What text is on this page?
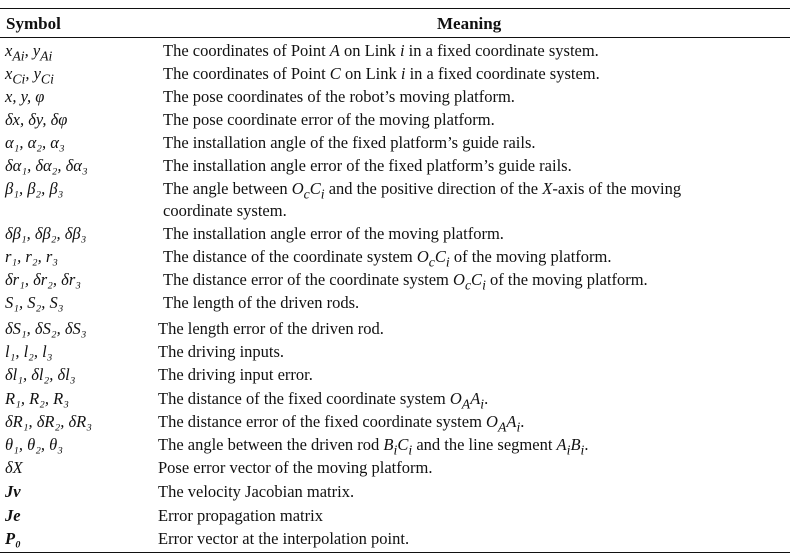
Symbol	Meaning
$x_{Ai}$, $y_{Ai}$	The coordinates of Point A on Link i in a fixed coordinate system.
$x_{Ci}$, $y_{Ci}$	The coordinates of Point C on Link i in a fixed coordinate system.
x, y, φ	The pose coordinates of the robot’s moving platform.
δx, δy, δφ	The pose coordinate error of the moving platform.
α₁, α₂, α₃	The installation angle of the fixed platform’s guide rails.
δα₁, δα₂, δα₃	The installation angle error of the fixed platform’s guide rails.
β₁, β₂, β₃	The angle between $O_cC_i$ and the positive direction of the X-axis of the moving
coordinate system.
δβ₁, δβ₂, δβ₃	The installation angle error of the moving platform.
r₁, r₂, r₃	The distance of the coordinate system $O_cC_i$ of the moving platform.
δr₁, δr₂, δr₃	The distance error of the coordinate system $O_cC_i$ of the moving platform.
S₁, S₂, S₃	The length of the driven rods.
δS₁, δS₂, δS₃	The length error of the driven rod.
l₁, l₂, l₃	The driving inputs.
δl₁, δl₂, δl₃	The driving input error.
R₁, R₂, R₃	The distance of the fixed coordinate system $O_AA_i$.
δR₁, δR₂, δR₃	The distance error of the fixed coordinate system $O_AA_i$.
θ₁, θ₂, θ₃	The angle between the driven rod $B_iC_i$ and the line segment $A_iB_i$.
δX	Pose error vector of the moving platform.
Jv	The velocity Jacobian matrix.
Je	Error propagation matrix
P₀	Error vector at the interpolation point.
